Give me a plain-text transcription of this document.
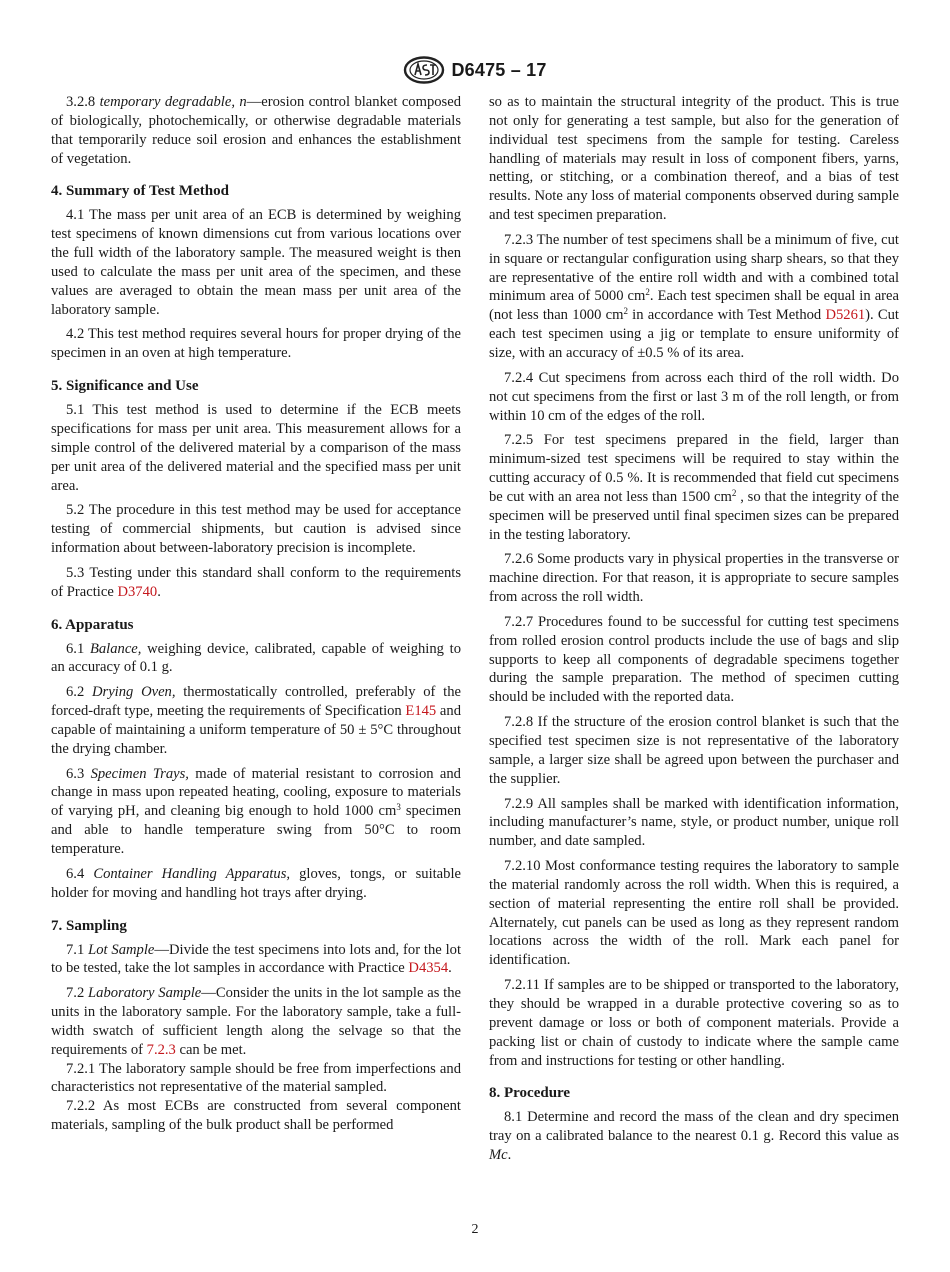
D6475 – 17

3.2.8 temporary degradable, n—erosion control blanket composed of biologically, photochemically, or otherwise degradable materials that temporarily reduce soil erosion and enhances the establishment of vegetation.

4. Summary of Test Method

4.1 The mass per unit area of an ECB is determined by weighing test specimens of known dimensions cut from various locations over the full width of the laboratory sample. The measured weight is then used to calculate the mass per unit area of the specimen, and these values are averaged to obtain the mean mass per unit area of the laboratory sample.

4.2 This test method requires several hours for proper drying of the specimen in an oven at high temperature.

5. Significance and Use

5.1 This test method is used to determine if the ECB meets specifications for mass per unit area. This measurement allows for a simple control of the delivered material by a comparison of the mass per unit area of the delivered material and the specified mass per unit area.

5.2 The procedure in this test method may be used for acceptance testing of commercial shipments, but caution is advised since information about between-laboratory precision is incomplete.

5.3 Testing under this standard shall conform to the requirements of Practice D3740.

6. Apparatus

6.1 Balance, weighing device, calibrated, capable of weighing to an accuracy of 0.1 g.

6.2 Drying Oven, thermostatically controlled, preferably of the forced-draft type, meeting the requirements of Specification E145 and capable of maintaining a uniform temperature of 50 ± 5°C throughout the drying chamber.

6.3 Specimen Trays, made of material resistant to corrosion and change in mass upon repeated heating, cooling, exposure to materials of varying pH, and cleaning big enough to hold 1000 $cm^3$ specimen and able to handle temperature swing from 50°C to room temperature.

6.4 Container Handling Apparatus, gloves, tongs, or suitable holder for moving and handling hot trays after drying.

7. Sampling

7.1 Lot Sample—Divide the test specimens into lots and, for the lot to be tested, take the lot samples in accordance with Practice D4354.

7.2 Laboratory Sample—Consider the units in the lot sample as the units in the laboratory sample. For the laboratory sample, take a full-width swatch of sufficient length along the selvage so that the requirements of 7.2.3 can be met.

7.2.1 The laboratory sample should be free from imperfections and characteristics not representative of the material sampled.

7.2.2 As most ECBs are constructed from several component materials, sampling of the bulk product shall be performed

so as to maintain the structural integrity of the product. This is true not only for generating a test sample, but also for the generation of individual test specimens from the sample for testing. Careless handling of materials may result in loss of component fibers, yarns, netting, or stitching, or a combination thereof, and a bias of test results. Note any loss of material components observed during sample and test specimen preparation.

7.2.3 The number of test specimens shall be a minimum of five, cut in square or rectangular configuration using sharp shears, so that they are representative of the entire roll width and with a combined total minimum area of 5000 $cm^2$. Each test specimen shall be equal in area (not less than 1000 $cm^2$ in accordance with Test Method D5261). Cut each test specimen using a jig or template to ensure uniformity of size, with an accuracy of ±0.5 % of its area.

7.2.4 Cut specimens from across each third of the roll width. Do not cut specimens from the first or last 3 m of the roll length, or from within 10 cm of the edges of the roll.

7.2.5 For test specimens prepared in the field, larger than minimum-sized test specimens will be required to stay within the cutting accuracy of 0.5 %. It is recommended that field cut specimens be cut with an area not less than 1500 $cm^2$ , so that the integrity of the specimen will be preserved until final specimen sizes can be prepared in the testing laboratory.

7.2.6 Some products vary in physical properties in the transverse or machine direction. For that reason, it is appropriate to secure samples from across the roll width.

7.2.7 Procedures found to be successful for cutting test specimens from rolled erosion control products include the use of bags and slip supports to keep all components of degradable specimens together during the sample preparation. The method of specimen cutting should be included with the reported data.

7.2.8 If the structure of the erosion control blanket is such that the specified test specimen size is not representative of the laboratory sample, a larger size shall be agreed upon between the purchaser and the supplier.

7.2.9 All samples shall be marked with identification information, including manufacturer’s name, style, or product number, unique roll number, and date sampled.

7.2.10 Most conformance testing requires the laboratory to sample the material randomly across the roll width. When this is required, a section of material representing the entire roll shall be provided. Alternately, cut panels can be used as long as they represent random locations across the width of the roll. Mark each panel for identification.

7.2.11 If samples are to be shipped or transported to the laboratory, they should be wrapped in a durable protective covering so as to prevent damage or loss or both of component materials. Provide a packing list or chain of custody to indicate where the sample came from and instructions for testing or other handling.

8. Procedure

8.1 Determine and record the mass of the clean and dry specimen tray on a calibrated balance to the nearest 0.1 g. Record this value as Mc.

2
